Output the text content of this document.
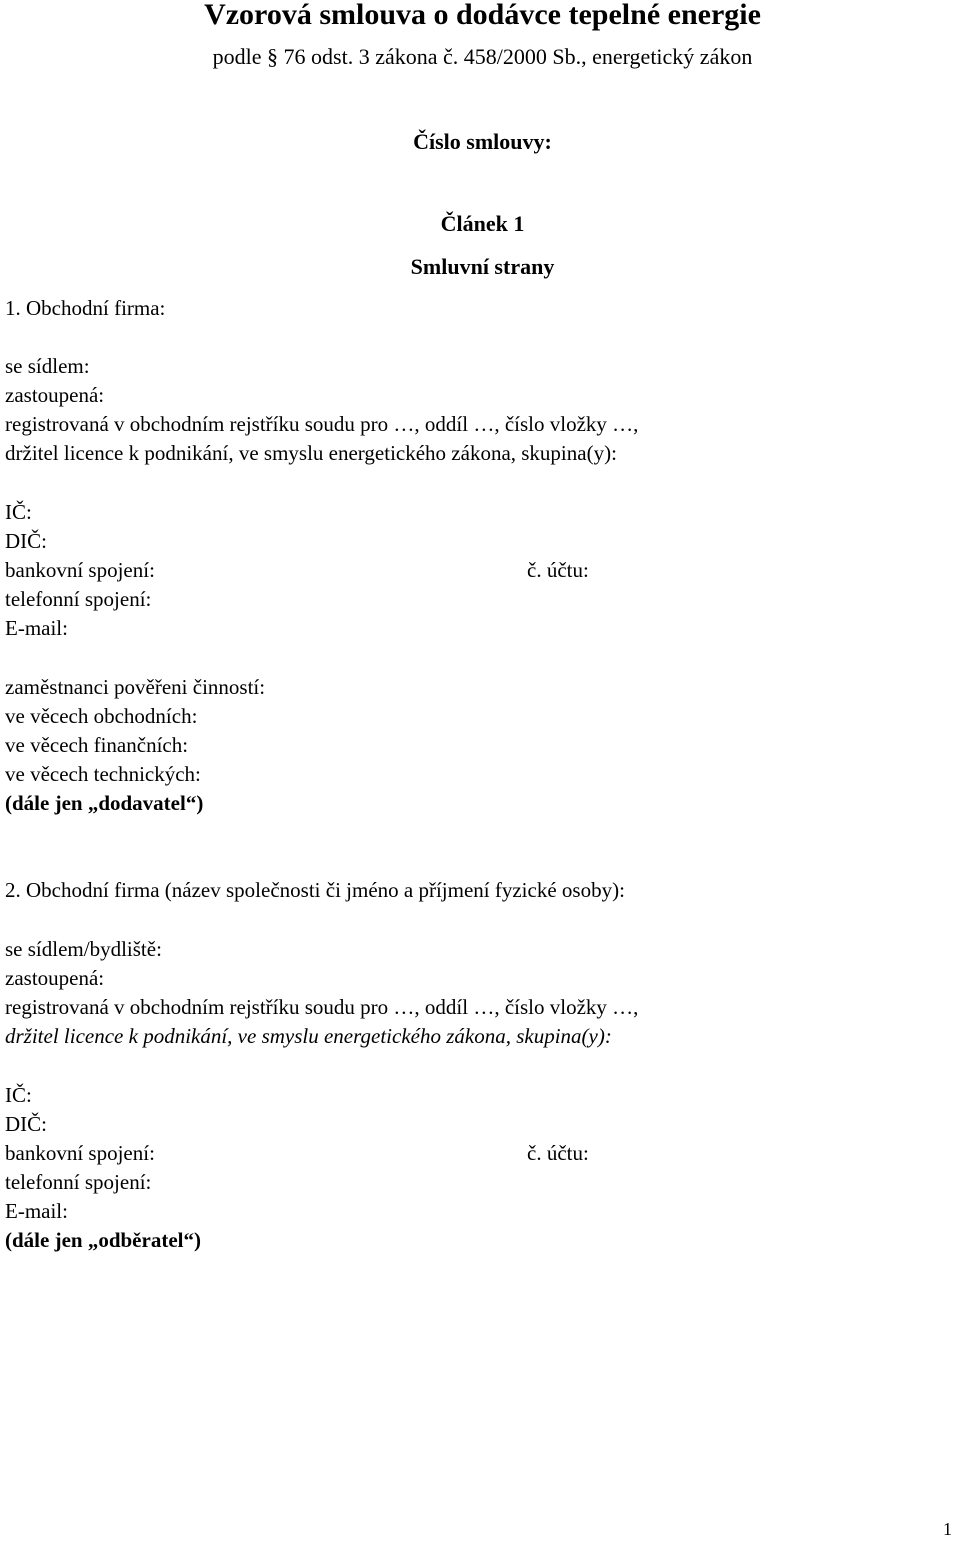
Vzorová smlouva o dodávce tepelné energie
podle § 76 odst. 3 zákona č. 458/2000 Sb., energetický zákon
Číslo smlouvy:
Článek 1
Smluvní strany
1. Obchodní firma:
se sídlem:
zastoupená:
registrovaná v obchodním rejstříku soudu pro …, oddíl …, číslo vložky …,
držitel licence k podnikání, ve smyslu energetického zákona, skupina(y):
IČ:
DIČ:
bankovní spojení:	č. účtu:
telefonní spojení:
E-mail:
zaměstnanci pověřeni činností:
ve věcech obchodních:
ve věcech finančních:
ve věcech technických:
(dále jen „dodavatel“)
2. Obchodní firma (název společnosti či jméno a příjmení fyzické osoby):
se sídlem/bydliště:
zastoupená:
registrovaná v obchodním rejstříku soudu pro …, oddíl …, číslo vložky …,
držitel licence k podnikání, ve smyslu energetického zákona, skupina(y):
IČ:
DIČ:
bankovní spojení:	č. účtu:
telefonní spojení:
E-mail:
(dále jen „odběratel“)
1
